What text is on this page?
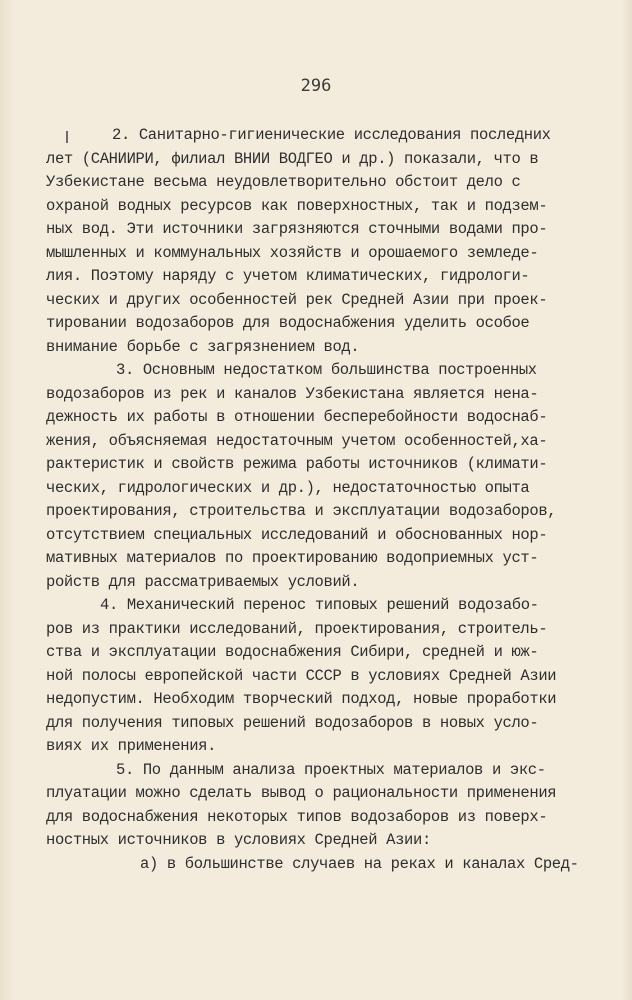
296
2. Санитарно-гигиенические исследования последних
лет (САНИИРИ, филиал ВНИИ ВОДГЕО и др.) показали, что в
Узбекистане весьма неудовлетворительно обстоит дело с
охраной водных ресурсов как поверхностных, так и подзем-
ных вод. Эти источники загрязняются сточными водами про-
мышленных и коммунальных хозяйств и орошаемого земледе-
лия. Поэтому наряду с учетом климатических, гидрологи-
ческих и других особенностей рек Средней Азии при проек-
тировании водозаборов для водоснабжения уделить особое
внимание борьбе с загрязнением вод.
3. Основным недостатком большинства построенных
водозаборов из рек и каналов Узбекистана является нена-
дежность их работы в отношении бесперебойности водоснаб-
жения, объясняемая недостаточным учетом особенностей,ха-
рактеристик и свойств режима работы источников (климати-
ческих, гидрологических и др.), недостаточностью опыта
проектирования, строительства и эксплуатации водозаборов,
отсутствием специальных исследований и обоснованных нор-
мативных материалов по проектированию водоприемных уст-
ройств для рассматриваемых условий.
4. Механический перенос типовых решений водозабо-
ров из практики исследований, проектирования, строитель-
ства и эксплуатации водоснабжения Сибири, средней и юж-
ной полосы европейской части СССР в условиях Средней Азии
недопустим. Необходим творческий подход, новые проработки
для получения типовых решений водозаборов в новых усло-
виях их применения.
5. По данным анализа проектных материалов и экс-
плуатации можно сделать вывод о рациональности применения
для водоснабжения некоторых типов водозаборов из поверх-
ностных источников в условиях Средней Азии:
а) в большинстве случаев на реках и каналах Сред-
